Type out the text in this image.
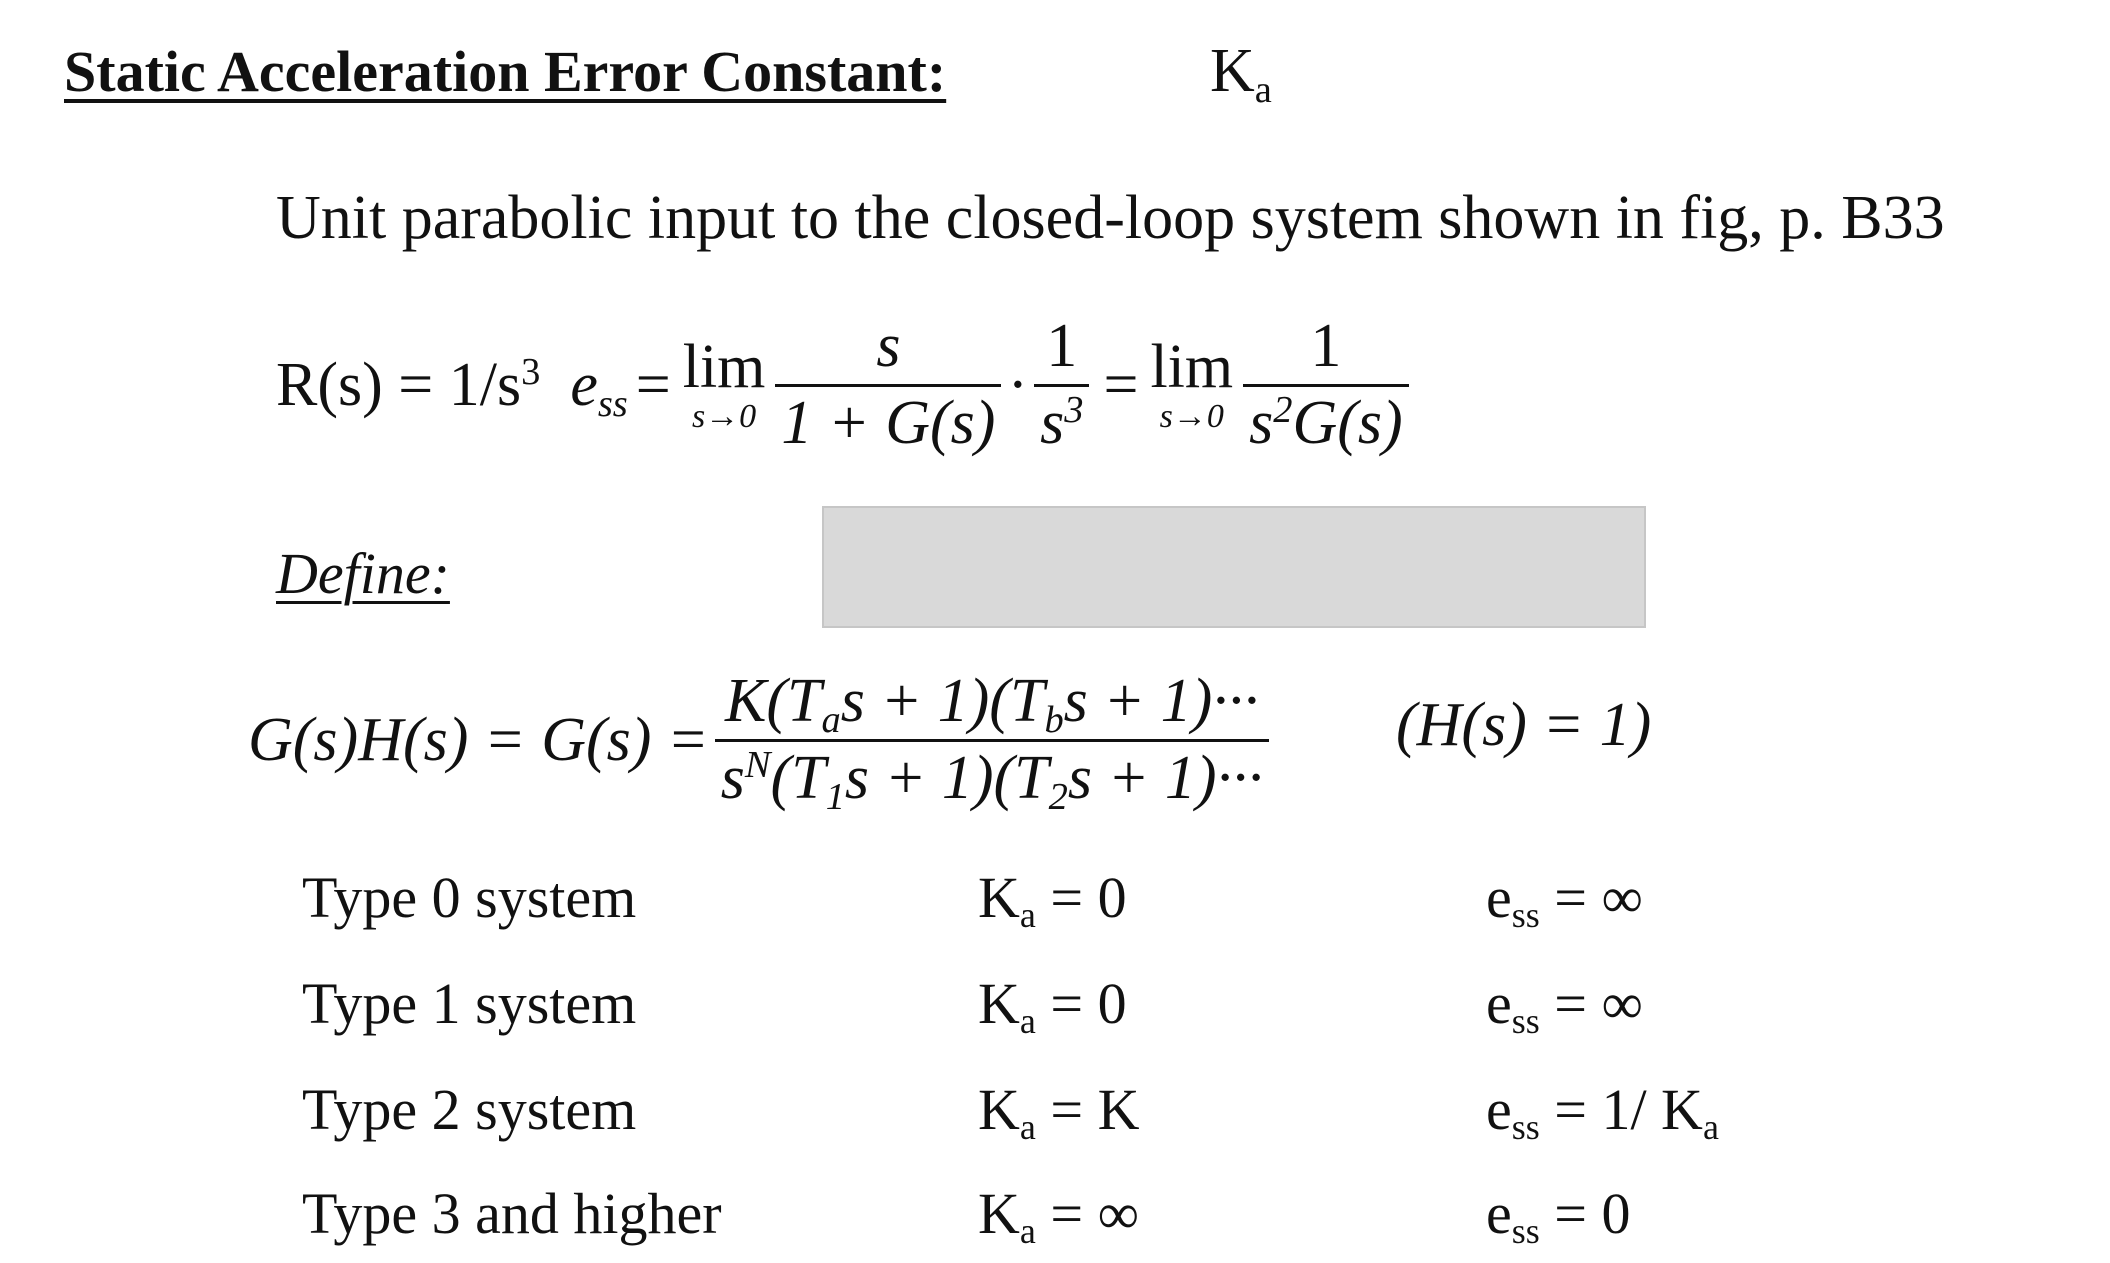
Static Acceleration Error Constant:	$K_a$
Unit parabolic input to the closed-loop system shown in fig, p. B33
$R(s) = 1/s^3$ $e_{ss} = \lim$
$s\to 0 \frac{s}{1 + G(s)} \cdot \frac{1}{s^3} = \lim$
$s\to 0 \frac{1}{s^2G(s)}$
Define:
$G(s)H(s) = G(s) = \frac{K(T_as + 1)(T_bs + 1)\cdot\cdot\cdot}{s^N(T_1s + 1)(T_2s + 1)\cdot\cdot\cdot} (H(s) = 1)$
Type 0 system	$K_a = 0$	$e_{ss}$ = ∞
Type 1 system	$K_a = 0$	$e_{ss}$ = ∞
Type 2 system	$K_a = K$	$e_{ss} = 1/$ $K_a$
Type 3 and higher	$K_a$ = ∞	$e_{ss} = 0$
